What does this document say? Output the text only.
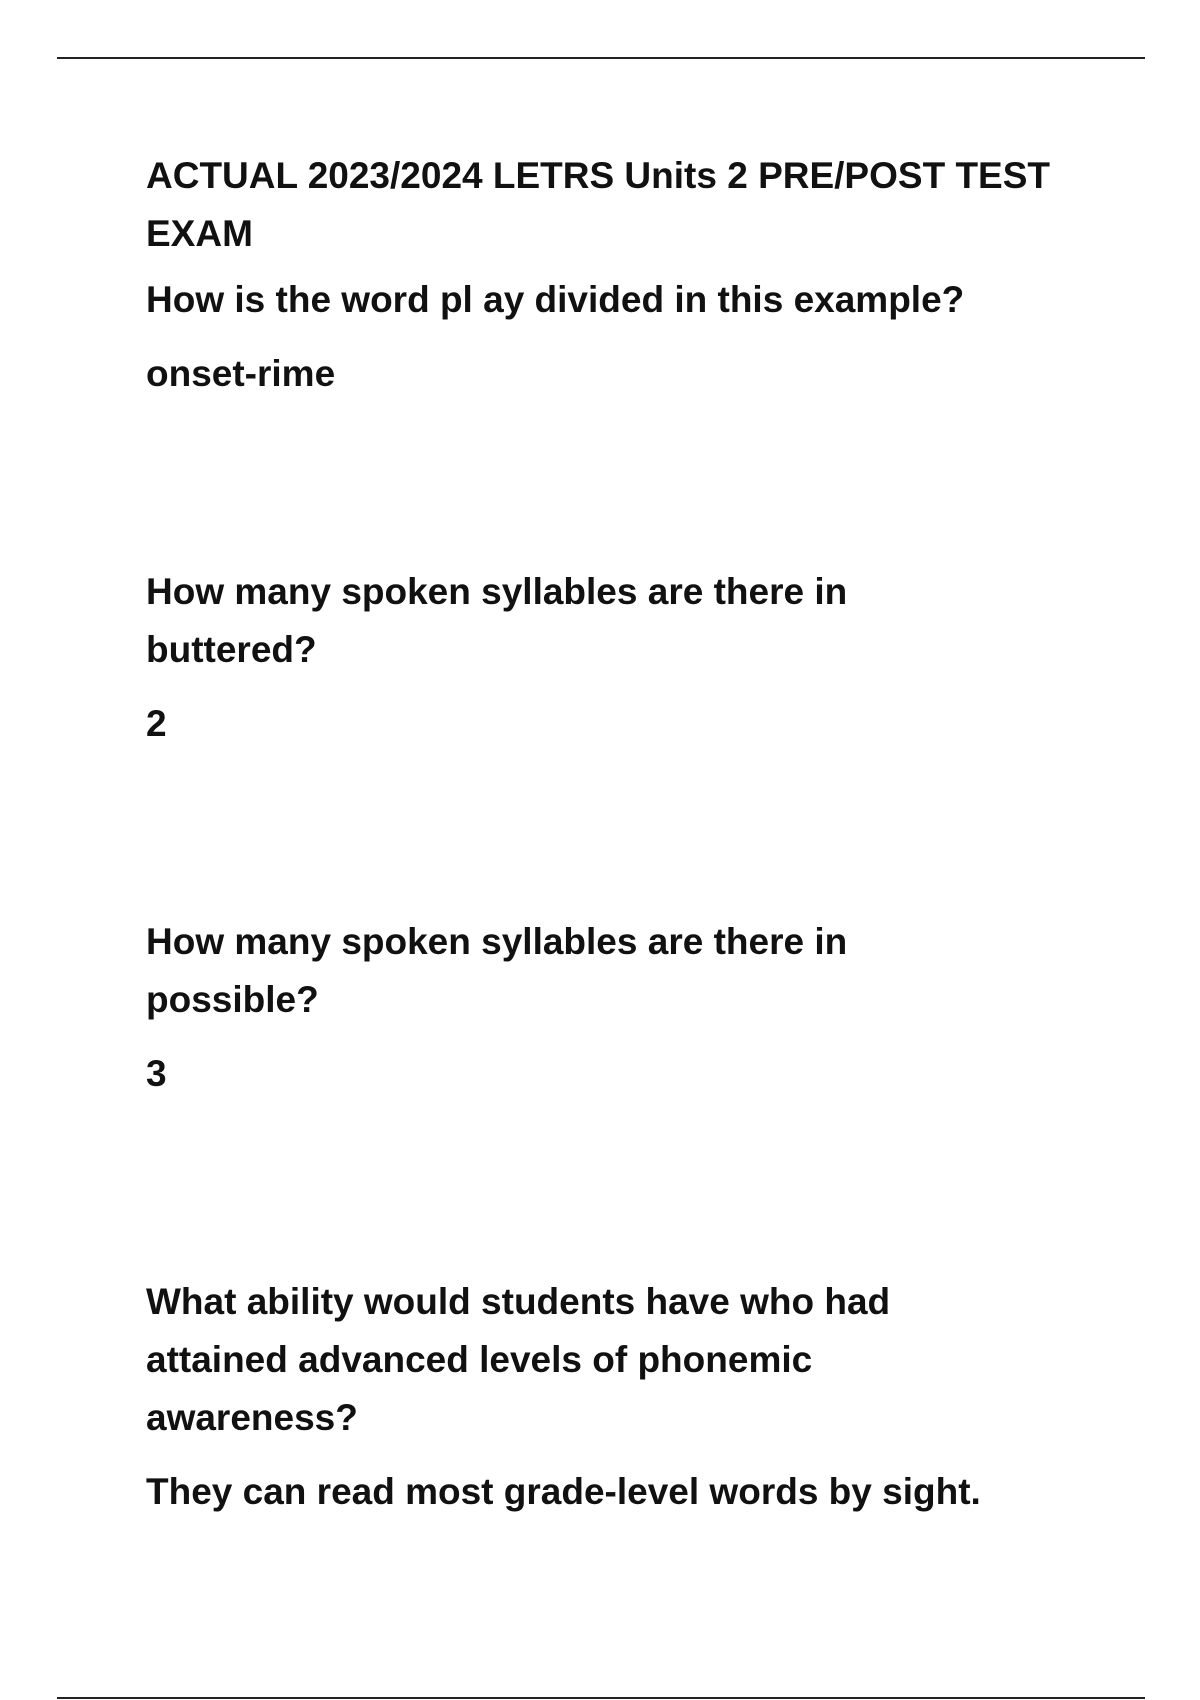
ACTUAL 2023/2024 LETRS Units 2 PRE/POST TEST EXAM
How is the word pl ay divided in this example?
onset-rime
How many spoken syllables are there in buttered?
2
How many spoken syllables are there in possible?
3
What ability would students have who had attained advanced levels of phonemic awareness?
They can read most grade-level words by sight.
